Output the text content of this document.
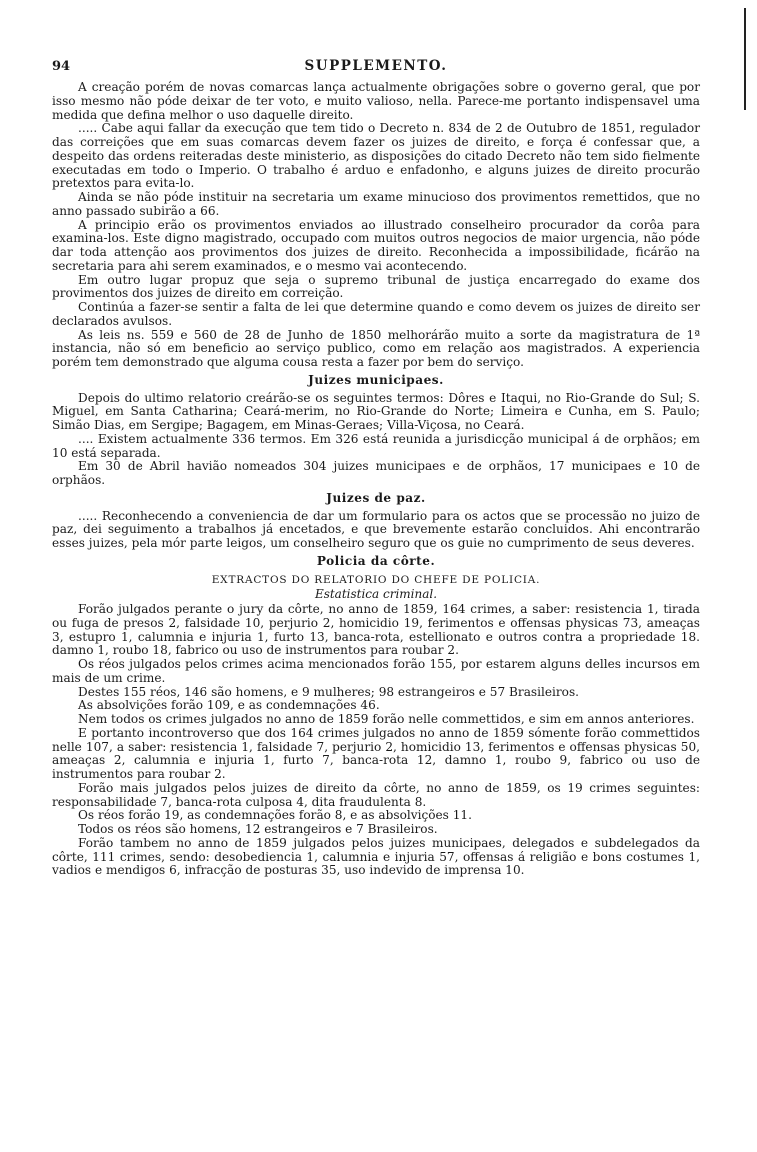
94	SUPPLEMENTO.

A creação porém de novas comarcas lança actualmente obrigações sobre o governo geral, que por isso mesmo não póde deixar de ter voto, e muito valioso, nella. Parece-me portanto indispensavel uma medida que defina melhor o uso daquelle direito.

..... Cabe aqui fallar da execução que tem tido o Decreto n. 834 de 2 de Outubro de 1851, regulador das correições que em suas comarcas devem fazer os juizes de direito, e força é confessar que, a despeito das ordens reiteradas deste ministerio, as disposições do citado Decreto não tem sido fielmente executadas em todo o Imperio. O trabalho é arduo e enfadonho, e alguns juizes de direito procurão pretextos para evita-lo.

Ainda se não póde instituir na secretaria um exame minucioso dos provimentos remettidos, que no anno passado subirão a 66.

A principio erão os provimentos enviados ao illustrado conselheiro procurador da corôa para examina-los. Este digno magistrado, occupado com muitos outros negocios de maior urgencia, não póde dar toda attenção aos provimentos dos juizes de direito. Reconhecida a impossibilidade, ficárão na secretaria para ahi serem examinados, e o mesmo vai acontecendo.

Em outro lugar propuz que seja o supremo tribunal de justiça encarregado do exame dos provimentos dos juizes de direito em correição.

Continúa a fazer-se sentir a falta de lei que determine quando e como devem os juizes de direito ser declarados avulsos.

As leis ns. 559 e 560 de 28 de Junho de 1850 melhorárão muito a sorte da magistratura de 1ª instancia, não só em beneficio ao serviço publico, como em relação aos magistrados. A experiencia porém tem demonstrado que alguma cousa resta a fazer por bem do serviço.

Juizes municipaes.

Depois do ultimo relatorio creárão-se os seguintes termos: Dôres e Itaqui, no Rio-Grande do Sul; S. Miguel, em Santa Catharina; Ceará-merim, no Rio-Grande do Norte; Limeira e Cunha, em S. Paulo; Simão Dias, em Sergipe; Bagagem, em Minas-Geraes; Villa-Viçosa, no Ceará.

.... Existem actualmente 336 termos. Em 326 está reunida a jurisdicção municipal á de orphãos; em 10 está separada.

Em 30 de Abril havião nomeados 304 juizes municipaes e de orphãos, 17 municipaes e 10 de orphãos.

Juizes de paz.

..... Reconhecendo a conveniencia de dar um formulario para os actos que se processão no juizo de paz, dei seguimento a trabalhos já encetados, e que brevemente estarão concluidos. Ahi encontrarão esses juizes, pela mór parte leigos, um conselheiro seguro que os guie no cumprimento de seus deveres.

Policia da côrte.
EXTRACTOS DO RELATORIO DO CHEFE DE POLICIA.
Estatistica criminal.

Forão julgados perante o jury da côrte, no anno de 1859, 164 crimes, a saber: resistencia 1, tirada ou fuga de presos 2, falsidade 10, perjurio 2, homicidio 19, ferimentos e offensas physicas 73, ameaças 3, estupro 1, calumnia e injuria 1, furto 13, banca-rota, estellionato e outros contra a propriedade 18. damno 1, roubo 18, fabrico ou uso de instrumentos para roubar 2.

Os réos julgados pelos crimes acima mencionados forão 155, por estarem alguns delles incursos em mais de um crime.

Destes 155 réos, 146 são homens, e 9 mulheres; 98 estrangeiros e 57 Brasileiros.

As absolvições forão 109, e as condemnações 46.

Nem todos os crimes julgados no anno de 1859 forão nelle commettidos, e sim em annos anteriores.

E portanto incontroverso que dos 164 crimes julgados no anno de 1859 sómente forão commettidos nelle 107, a saber: resistencia 1, falsidade 7, perjurio 2, homicidio 13, ferimentos e offensas physicas 50, ameaças 2, calumnia e injuria 1, furto 7, banca-rota 12, damno 1, roubo 9, fabrico ou uso de instrumentos para roubar 2.

Forão mais julgados pelos juizes de direito da côrte, no anno de 1859, os 19 crimes seguintes: responsabilidade 7, banca-rota culposa 4, dita fraudulenta 8.

Os réos forão 19, as condemnações forão 8, e as absolvições 11.

Todos os réos são homens, 12 estrangeiros e 7 Brasileiros.

Forão tambem no anno de 1859 julgados pelos juizes municipaes, delegados e subdelegados da côrte, 111 crimes, sendo: desobediencia 1, calumnia e injuria 57, offensas á religião e bons costumes 1, vadios e mendigos 6, infracção de posturas 35, uso indevido de imprensa 10.
